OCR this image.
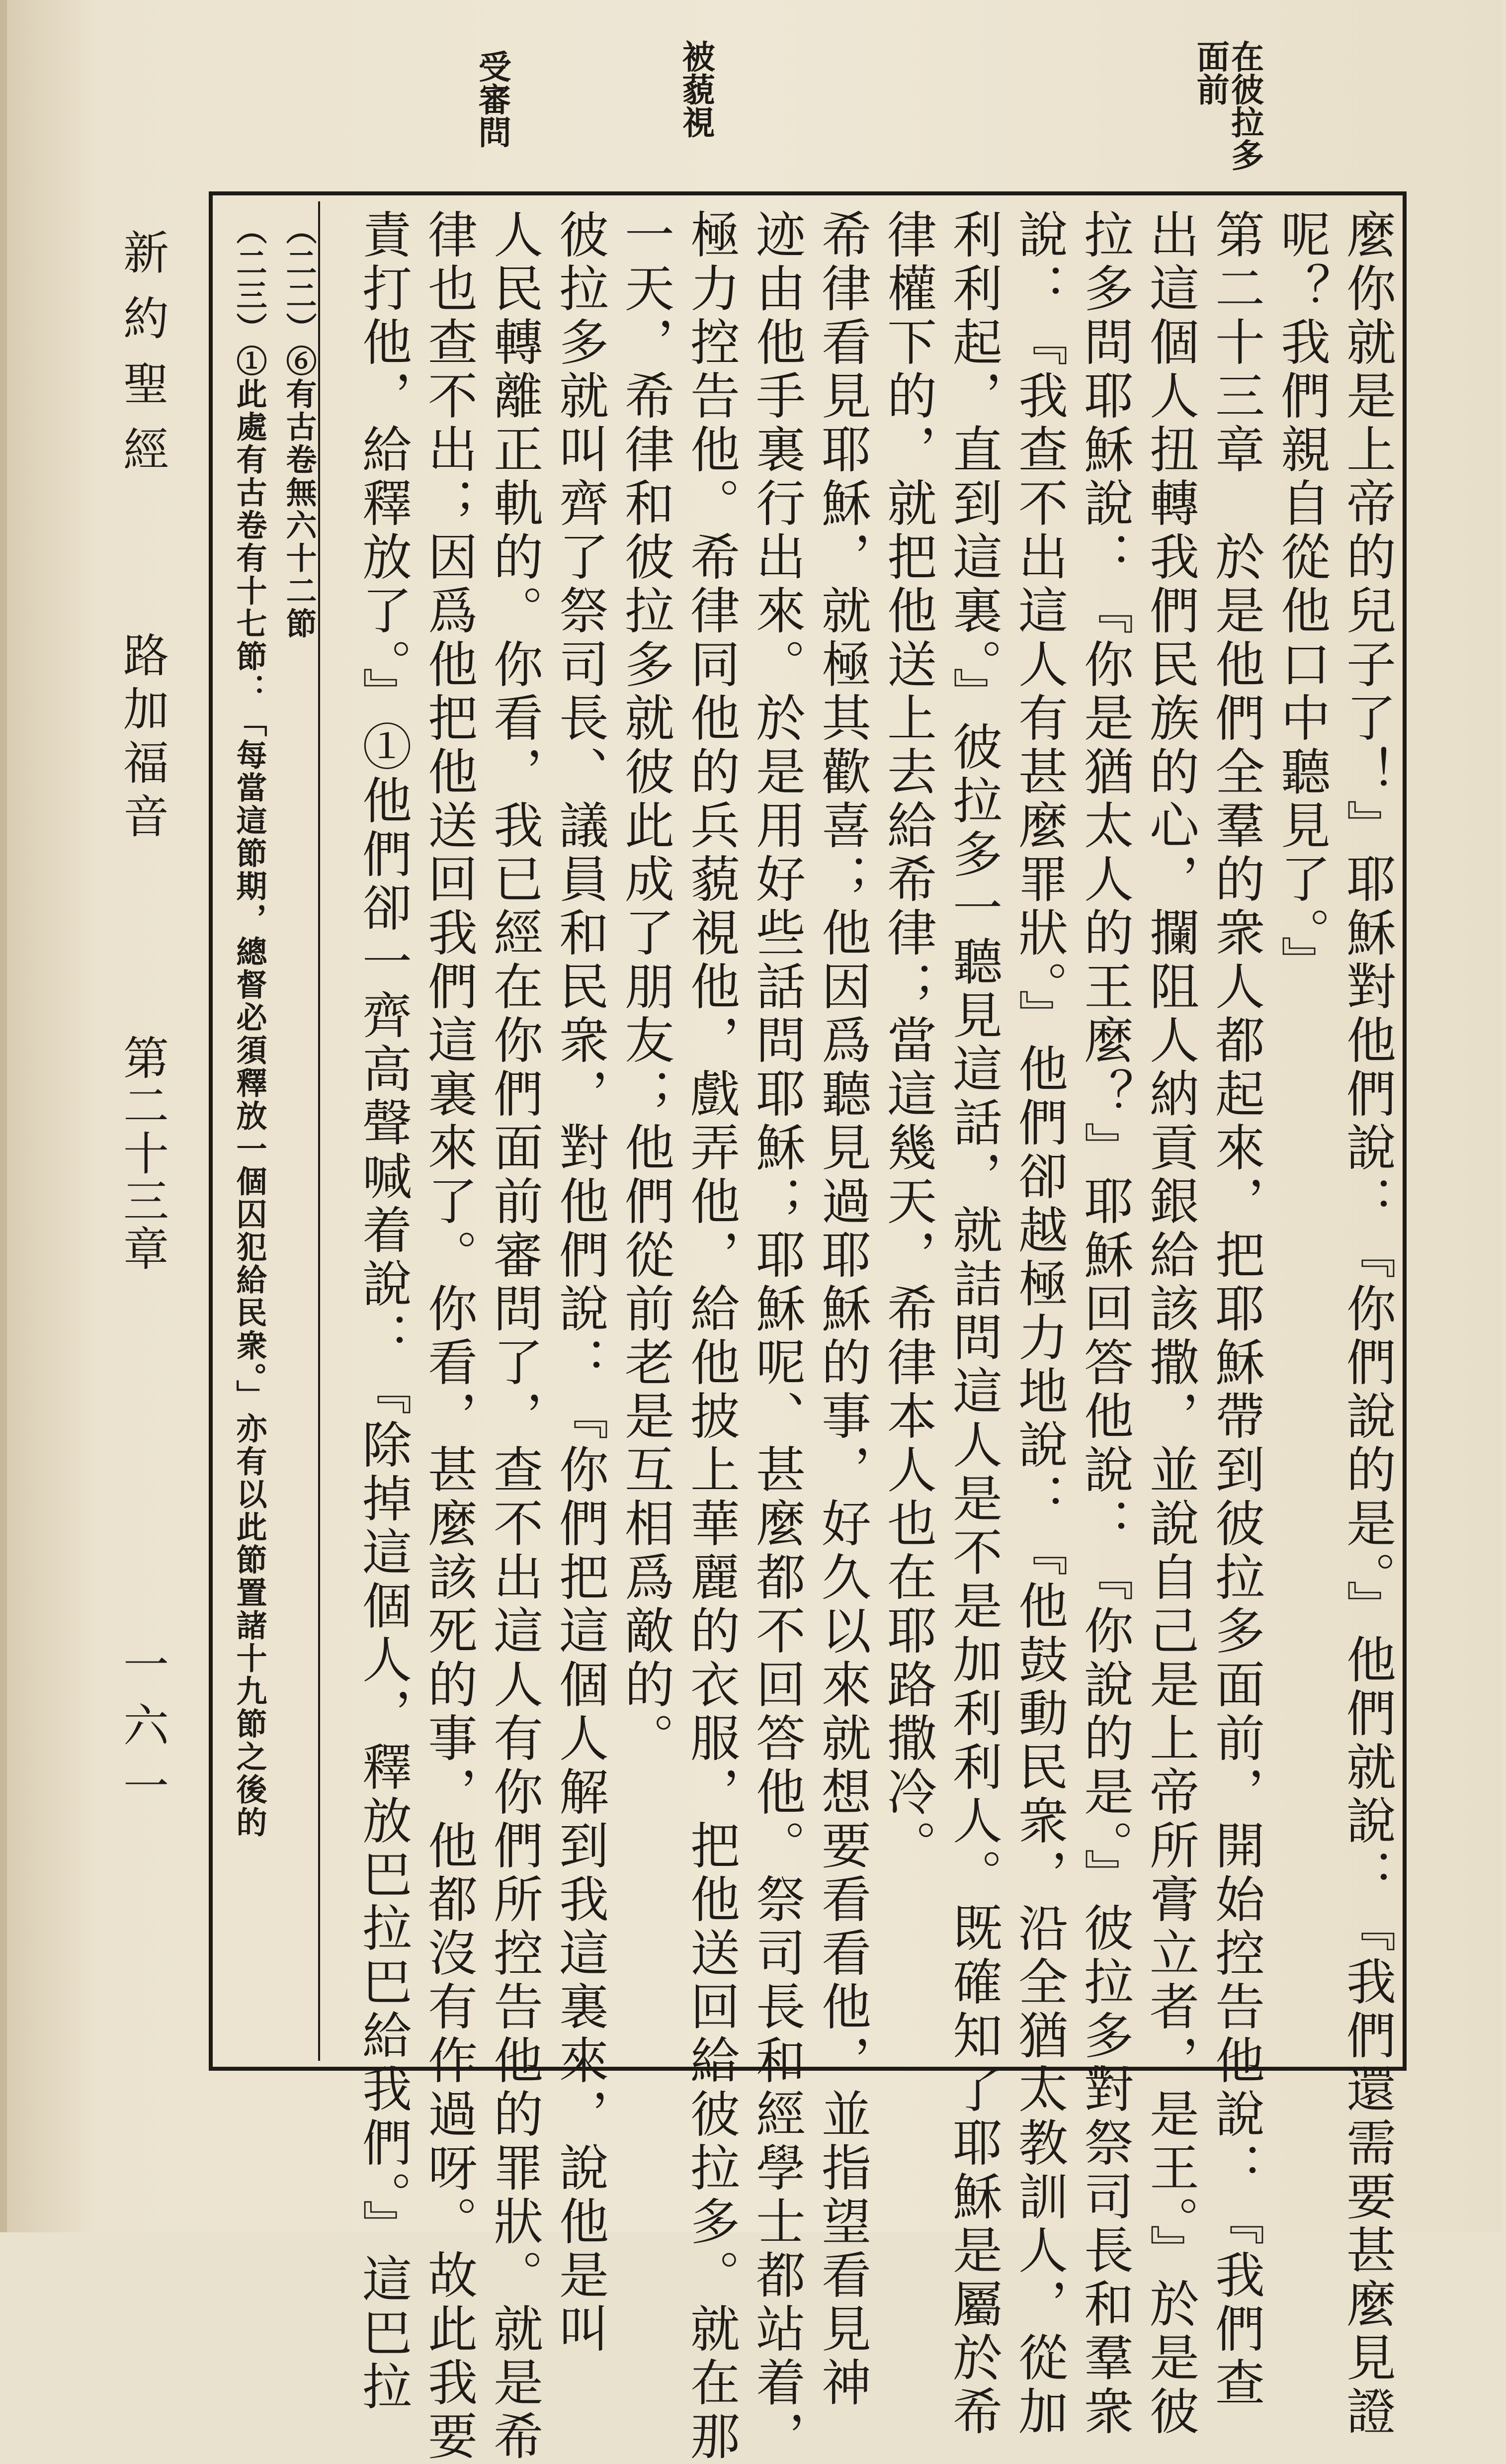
在彼拉多
面前
被藐視
受審問
麼你就是上帝的兒子了！』耶穌對他們說：『你們說的是。』他們就說：『我們還需要甚麼見證
呢？我們親自從他口中聽見了。』
第二十三章　於是他們全羣的衆人都起來，把耶穌帶到彼拉多面前，開始控告他說：『我們查
出這個人扭轉我們民族的心，攔阻人納貢銀給該撒，並說自己是上帝所膏立者，是王。』於是彼
拉多問耶穌說：『你是猶太人的王麼？』耶穌回答他說：『你說的是。』彼拉多對祭司長和羣衆
說：『我查不出這人有甚麼罪狀。』他們卻越極力地說：『他鼓動民衆，沿全猶太教訓人，從加
利利起，直到這裏。』彼拉多一聽見這話，就詰問這人是不是加利利人。既確知了耶穌是屬於希
律權下的，就把他送上去給希律；當這幾天，希律本人也在耶路撒冷。
希律看見耶穌，就極其歡喜；他因爲聽見過耶穌的事，好久以來就想要看看他，並指望看見神
迹由他手裏行出來。於是用好些話問耶穌；耶穌呢、甚麼都不回答他。祭司長和經學士都站着，
極力控告他。希律同他的兵藐視他，戲弄他，給他披上華麗的衣服，把他送回給彼拉多。就在那
一天，希律和彼拉多就彼此成了朋友；他們從前老是互相爲敵的。
彼拉多就叫齊了祭司長、議員和民衆，對他們說：『你們把這個人解到我這裏來，說他是叫
人民轉離正軌的。你看，我已經在你們面前審問了，查不出這人有你們所控告他的罪狀。就是希
律也查不出；因爲他把他送回我們這裏來了。你看，甚麼該死的事，他都沒有作過呀。故此我要
責打他，給釋放了。』①他們卻一齊高聲喊着說：『除掉這個人，釋放巴拉巴給我們。』這巴拉
（二二）⑥有古卷無六十二節
（二三）①此處有古卷有十七節：「每當這節期，總督必須釋放一個囚犯給民衆。」亦有以此節置諸十九節之後的
新約聖經
路加福音
第二十三章
一六一
